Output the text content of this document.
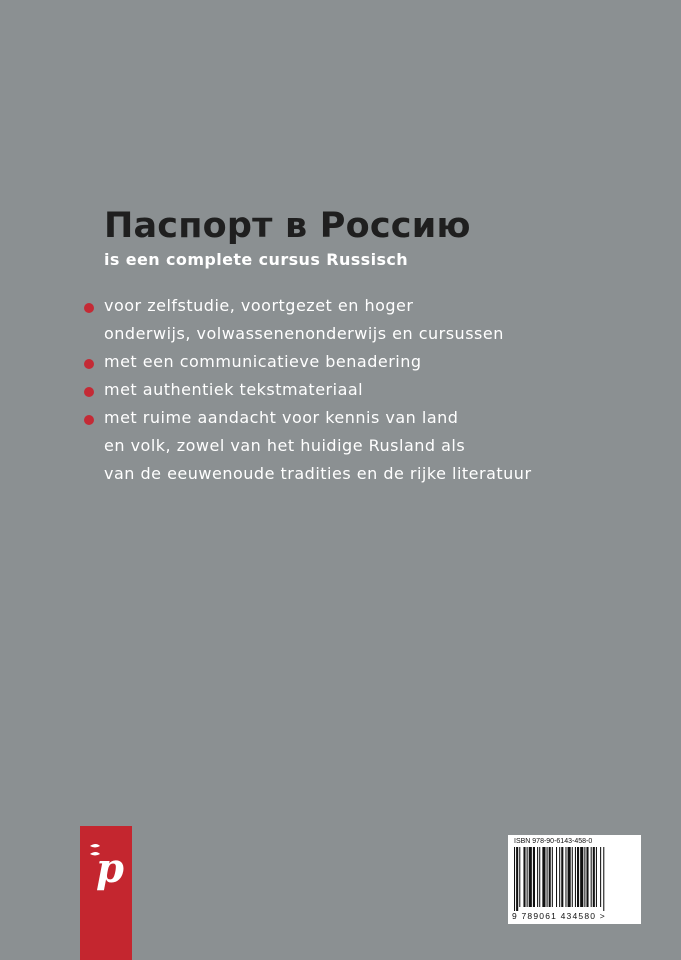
Паспорт в Россию

is een complete cursus Russisch

voor zelfstudie, voortgezet en hoger
onderwijs, volwassenenonderwijs en cursussen
met een communicatieve benadering
met authentiek tekstmateriaal
met ruime aandacht voor kennis van land
en volk, zowel van het huidige Rusland als
van de eeuwenoude tradities en de rijke literatuur
p
ISBN 978-90-6143-458-0
9 789061 434580 >
